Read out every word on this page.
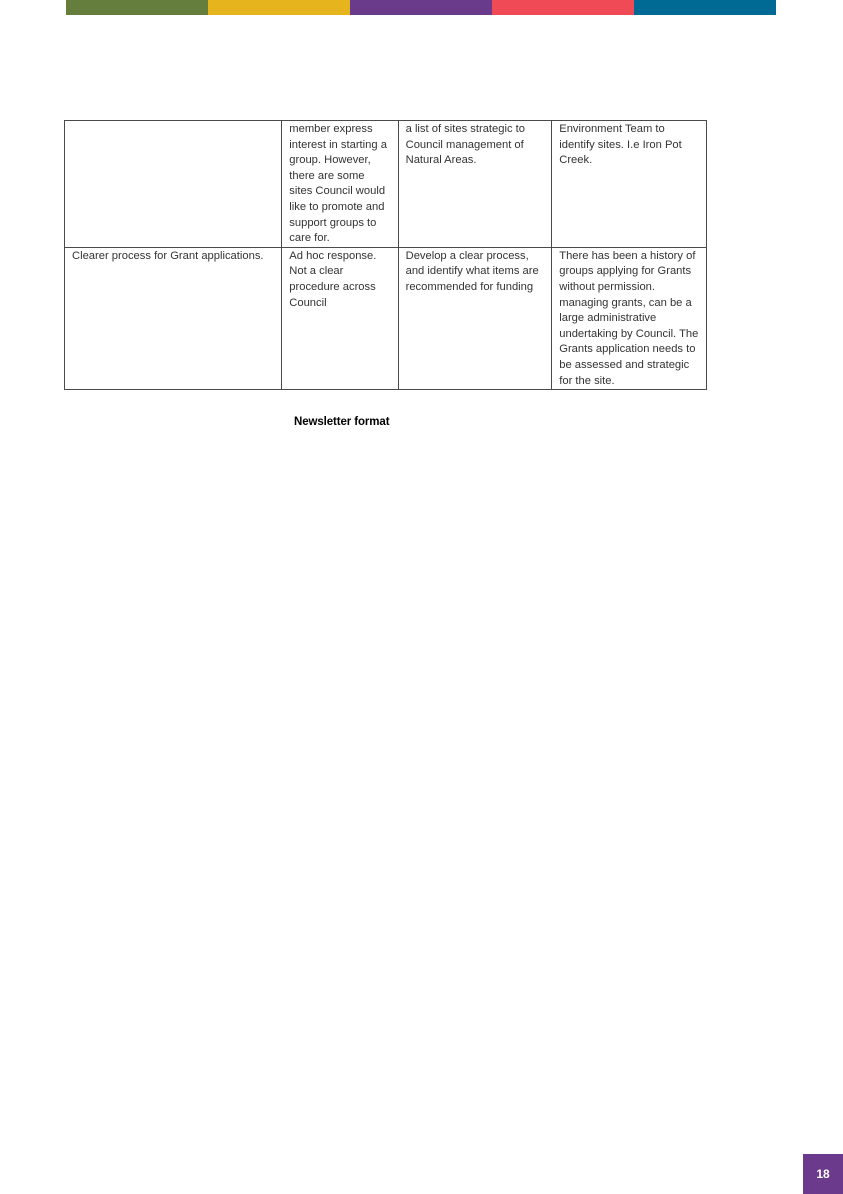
	member express interest in starting a group. However, there are some sites Council would like to promote and support groups to care for.	a list of sites strategic to Council management of Natural Areas.	Environment Team to identify sites. I.e Iron Pot Creek.
Clearer process for Grant applications.	Ad hoc response. Not a clear procedure across Council	Develop a clear process, and identify what items are recommended for funding	There has been a history of groups applying for Grants without permission. managing grants, can be a large administrative undertaking by Council. The Grants application needs to be assessed and strategic for the site.
Newsletter format
18
